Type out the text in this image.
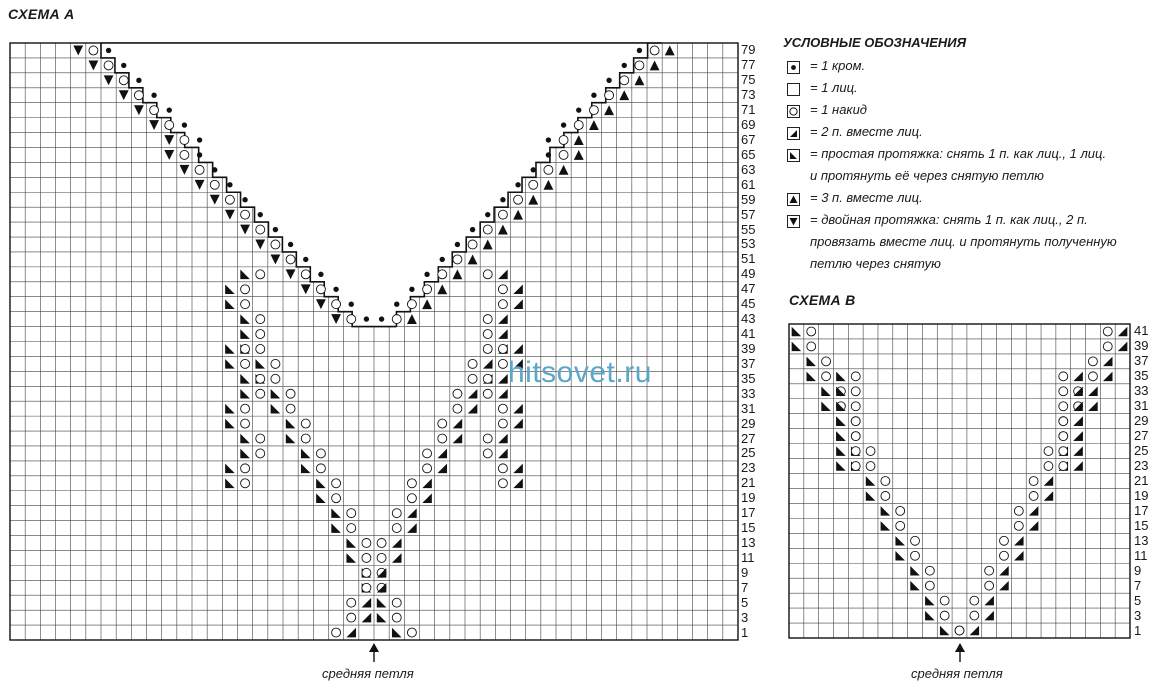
СХЕМА А
СХЕМА В
79
77
75
73
71
69
67
65
63
61
59
57
55
53
51
49
47
45
43
41
39
37
35
33
31
29
27
25
23
21
19
17
15
13
11
9
7
5
3
1
41
39
37
35
33
31
29
27
25
23
21
19
17
15
13
11
9
7
5
3
1
средняя петля	средняя петля
hitsovet.ru
УСЛОВНЫЕ ОБОЗНАЧЕНИЯ
= 1 кром.
= 1 лиц.
= 1 накид
= 2 п. вместе лиц.
= простая протяжка: снять 1 п. как лиц., 1 лиц.
и протянуть её через снятую петлю
= 3 п. вместе лиц.
= двойная протяжка: снять 1 п. как лиц., 2 п.
провязать вместе лиц. и протянуть полученную
петлю через снятую
